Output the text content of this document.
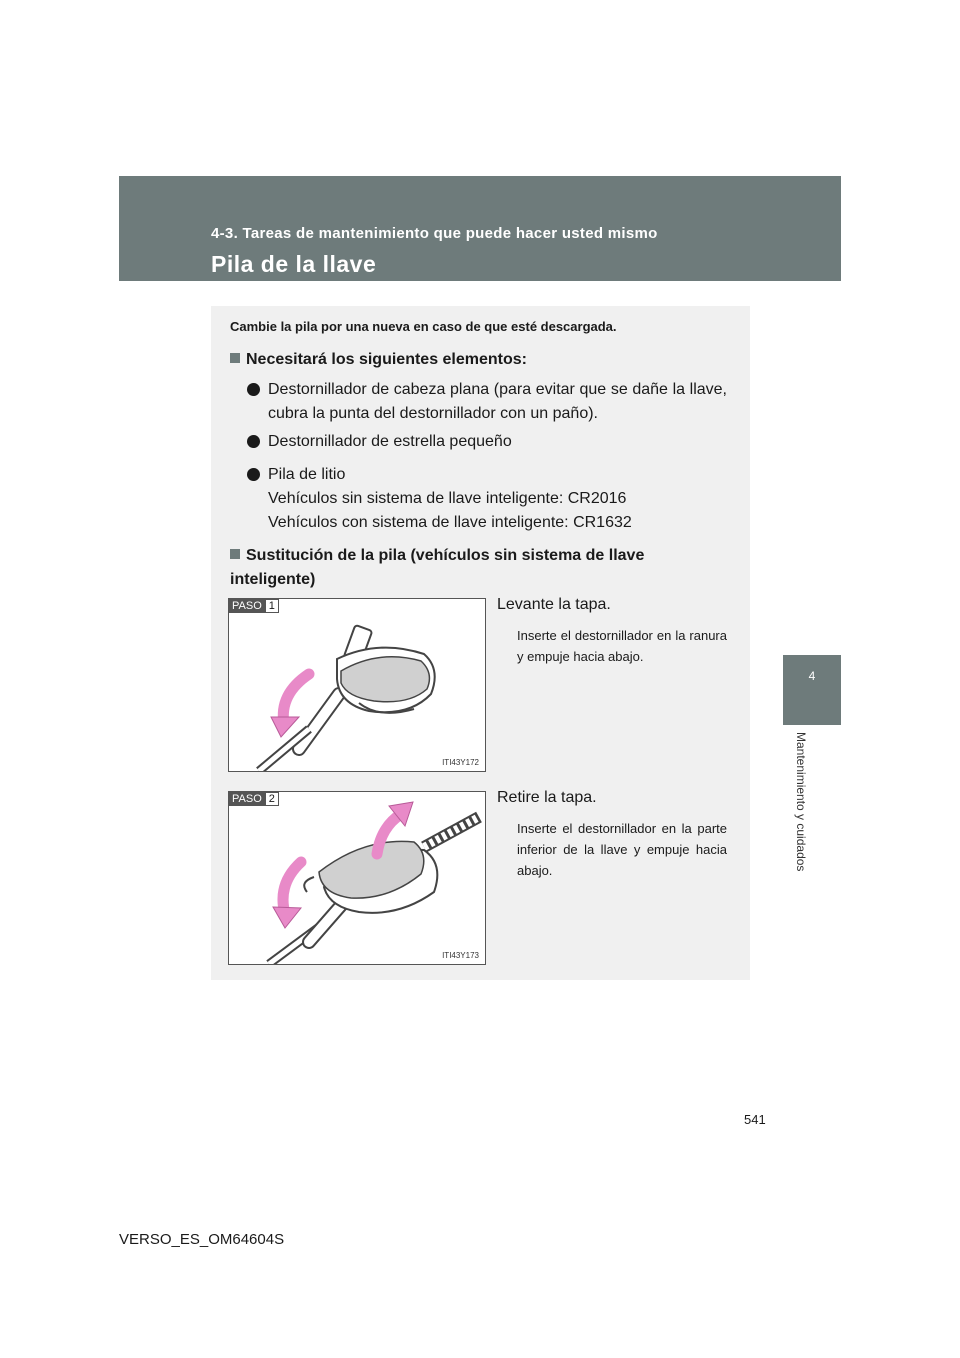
4-3. Tareas de mantenimiento que puede hacer usted mismo
Pila de la llave
4
Mantenimiento y cuidados
Cambie la pila por una nueva en caso de que esté descargada.
Necesitará los siguientes elementos:
Destornillador de cabeza plana (para evitar que se dañe la llave, cubra la punta del destornillador con un paño).
Destornillador de estrella pequeño
Pila de litio
Vehículos sin sistema de llave inteligente: CR2016
Vehículos con sistema de llave inteligente: CR1632
Sustitución de la pila (vehículos sin sistema de llave inteligente)
PASO 1
ITI43Y172
Levante la tapa.
Inserte el destornillador en la ranura y empuje hacia abajo.
PASO 2
ITI43Y173
Retire la tapa.
Inserte el destornillador en la parte inferior de la llave y empuje hacia abajo.
541
VERSO_ES_OM64604S
